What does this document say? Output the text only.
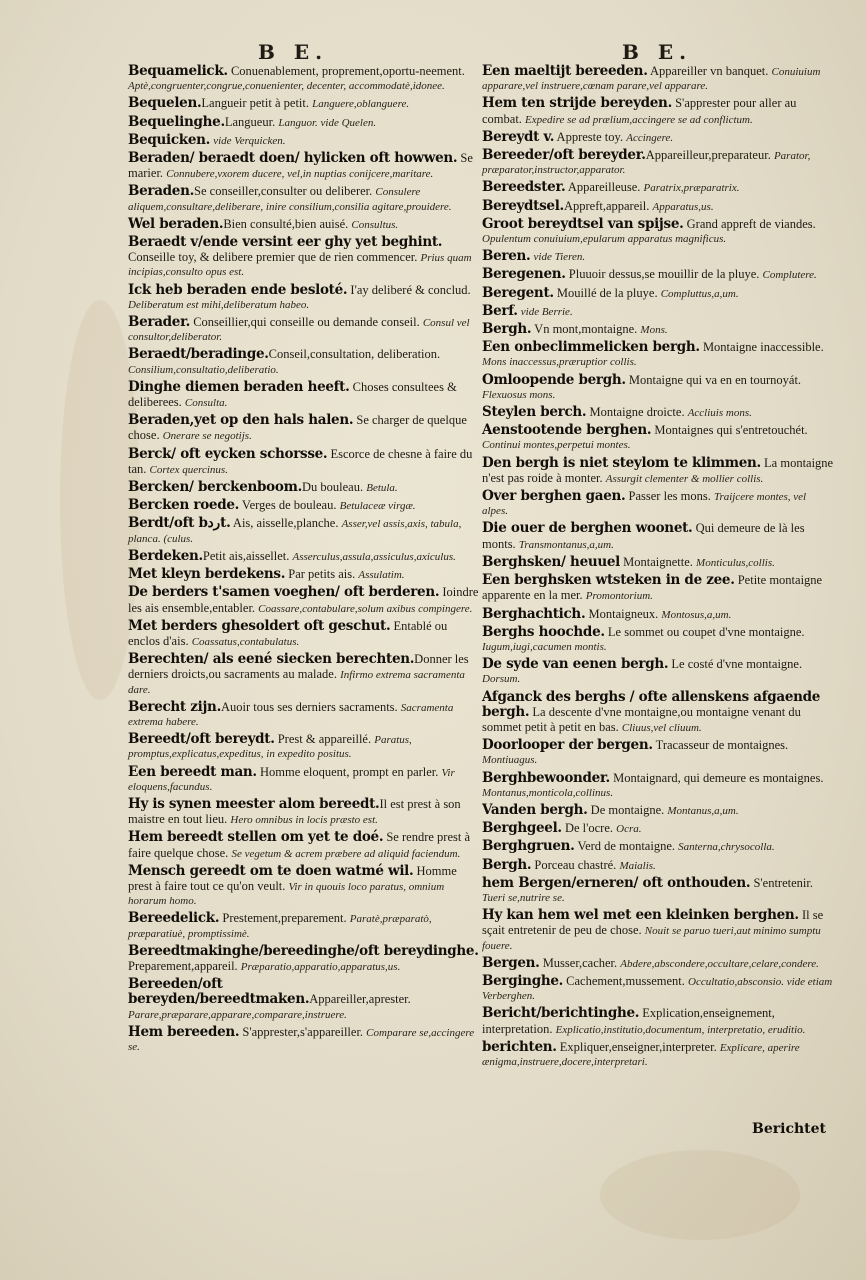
B E.	B E.
Bequamelick. Conuenablement, proprement,oportu-neement. Aptè,congruenter,congrue,conuenienter, decenter, accommodatè,idonee.
Bequelen.Langueir petit à petit. Languere,oblanguere.
Bequelinghe.Langueur. Languor. vide Quelen.
Bequicken. vide Verquicken.
Beraden/ beraedt doen/ hylicken oft howwen. Se marier. Connubere,vxorem ducere, vel,in nuptias conijcere,maritare.
Beraden.Se conseiller,consulter ou deliberer. Consulere aliquem,consultare,deliberare, inire consilium,consilia agitare,prouidere.
Wel beraden.Bien consulté,bien auisé. Consultus.
Beraedt v/ende versint eer ghy yet beghint. Conseille toy, & delibere premier que de rien commencer. Prius quam incipias,consulto opus est.
Ick heb beraden ende besloté. I'ay deliberé & conclud. Deliberatum est mihi,deliberatum habeo.
Berader. Conseillier,qui conseille ou demande conseil. Consul vel consultor,deliberator.
Beraedt/beradinge.Conseil,consultation, deliberation. Consilium,consultatio,deliberatio.
Dinghe diemen beraden heeft. Choses consultees & deliberees. Consulta.
Beraden,yet op den hals halen. Se charger de quelque chose. Onerare se negotijs.
Berck/ oft eycken schorsse. Escorce de chesne à faire du tan. Cortex quercinus.
Bercken/ berckenboom.Du bouleau. Betula.
Bercken roede. Verges de bouleau. Betulaceæ virgæ.
Berdt/oft bردt. Ais, aisselle,planche. Asser,vel assis,axis, tabula, planca. (culus.
Berdeken.Petit ais,aissellet. Asserculus,assula,assiculus,axiculus.
Met kleyn berdekens. Par petits ais. Assulatim.
De berders t'samen voeghen/ oft berderen. Ioindre les ais ensemble,entabler. Coassare,contabulare,solum axibus compingere.
Met berders ghesoldert oft geschut. Entablé ou enclos d'ais. Coassatus,contabulatus.
Berechten/ als eené siecken berechten.Donner les derniers droicts,ou sacraments au malade. Infirmo extrema sacramenta dare.
Berecht zijn.Auoir tous ses derniers sacraments. Sacramenta extrema habere.
Bereedt/oft bereydt. Prest & appareillé. Paratus, promptus,explicatus,expeditus, in expedito positus.
Een bereedt man. Homme eloquent, prompt en parler. Vir eloquens,facundus.
Hy is synen meester alom bereedt.Il est prest à son maistre en tout lieu. Hero omnibus in locis præsto est.
Hem bereedt stellen om yet te doé. Se rendre prest à faire quelque chose. Se vegetum & acrem præbere ad aliquid faciendum.
Mensch gereedt om te doen watmé wil. Homme prest à faire tout ce qu'on veult. Vir in quouis loco paratus, omnium horarum homo.
Bereedelick. Prestement,preparement. Paratè,præparatò, præparatiuè, promptissimè.
Bereedtmakinghe/bereedinghe/oft bereydinghe. Preparement,appareil. Præparatio,apparatio,apparatus,us.
Bereeden/oft bereyden/bereedtmaken.Appareiller,aprester. Parare,præparare,apparare,comparare,instruere.
Hem bereeden. S'apprester,s'appareiller. Comparare se,accingere se.
Een maeltijt bereeden. Appareiller vn banquet. Conuiuium apparare,vel instruere,cœnam parare,vel apparare.
Hem ten strijde bereyden. S'apprester pour aller au combat. Expedire se ad prælium,accingere se ad conflictum.
Bereydt v. Appreste toy. Accingere.
Bereeder/oft bereyder.Appareilleur,preparateur. Parator, præparator,instructor,apparator.
Bereedster. Appareilleuse. Paratrix,præparatrix.
Bereydtsel.Appreft,appareil. Apparatus,us.
Groot bereydtsel van spijse. Grand appreft de viandes. Opulentum conuiuium,epularum apparatus magnificus.
Beren. vide Tieren.
Beregenen. Pluuoir dessus,se mouillir de la pluye. Complutere.
Beregent. Mouillé de la pluye. Compluttus,a,um.
Berf. vide Berrie.
Bergh. Vn mont,montaigne. Mons.
Een onbeclimmelicken bergh. Montaigne inaccessible. Mons inaccessus,præruptior collis.
Omloopende bergh. Montaigne qui va en en tournoyát. Flexuosus mons.
Steylen berch. Montaigne droicte. Accliuis mons.
Aenstootende berghen. Montaignes qui s'entretouchét. Continui montes,perpetui montes.
Den bergh is niet steylom te klimmen. La montaigne n'est pas roide à monter. Assurgit clementer & mollier collis.
Over berghen gaen. Passer les mons. Traijcere montes, vel alpes.
Die ouer de berghen woonet. Qui demeure de là les monts. Transmontanus,a,um.
Berghsken/ heuuel Montaignette. Monticulus,collis.
Een berghsken wtsteken in de zee. Petite montaigne apparente en la mer. Promontorium.
Berghachtich. Montaigneux. Montosus,a,um.
Berghs hoochde. Le sommet ou coupet d'vne montaigne. Iugum,iugi,cacumen montis.
De syde van eenen bergh. Le costé d'vne montaigne. Dorsum.
Afganck des berghs / ofte allenskens afgaende bergh. La descente d'vne montaigne,ou montaigne venant du sommet petit à petit en bas. Cliuus,vel cliuum.
Doorlooper der bergen. Tracasseur de montaignes. Montiuagus.
Berghbewoonder. Montaignard, qui demeure es montaignes. Montanus,monticola,collinus.
Vanden bergh. De montaigne. Montanus,a,um.
Berghgeel. De l'ocre. Ocra.
Berghgruen. Verd de montaigne. Santerna,chrysocolla.
Bergh. Porceau chastré. Maialis.
hem Bergen/erneren/ oft onthouden. S'entretenir. Tueri se,nutrire se.
Hy kan hem wel met een kleinken berghen. Il se sçait entretenir de peu de chose. Nouit se paruo tueri,aut minimo sumptu fouere.
Bergen. Musser,cacher. Abdere,abscondere,occultare,celare,condere.
Berginghe. Cachement,mussement. Occultatio,absconsio. vide etiam Verberghen.
Bericht/berichtinghe. Explication,enseignement, interpretation. Explicatio,institutio,documentum, interpretatio, eruditio.
berichten. Expliquer,enseigner,interpreter. Explicare, aperire ænigma,instruere,docere,interpretari.
Berichtet
